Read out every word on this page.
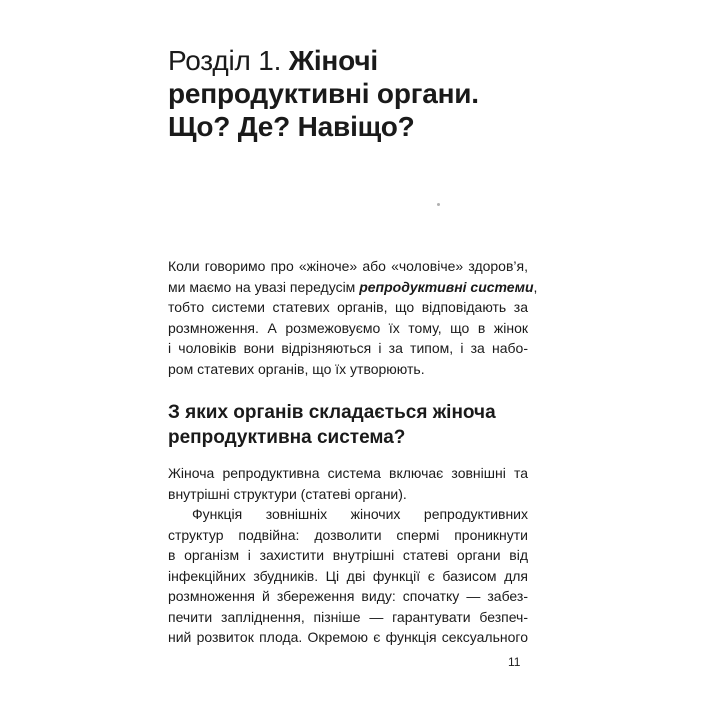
Розділ 1. Жіночі
репродуктивні органи.
Що? Де? Навіщо?

Коли говоримо про «жіноче» або «чоловіче» здоров’я,
ми маємо на увазі передусім репродуктивні системи,
тобто системи статевих органів, що відповідають за
розмноження. А розмежовуємо їх тому, що в жінок
і чоловіків вони відрізняються і за типом, і за набо-
ром статевих органів, що їх утворюють.

З яких органів складається жіноча
репродуктивна система?
Жіноча репродуктивна система включає зовнішні та
внутрішні структури (статеві органи).
Функція зовнішніх жіночих репродуктивних
структур подвійна: дозволити спермі проникнути
в організм і захистити внутрішні статеві органи від
інфекційних збудників. Ці дві функції є базисом для
розмноження й збереження виду: спочатку — забез-
печити запліднення, пізніше — гарантувати безпеч-
ний розвиток плода. Окремою є функція сексуального
11
